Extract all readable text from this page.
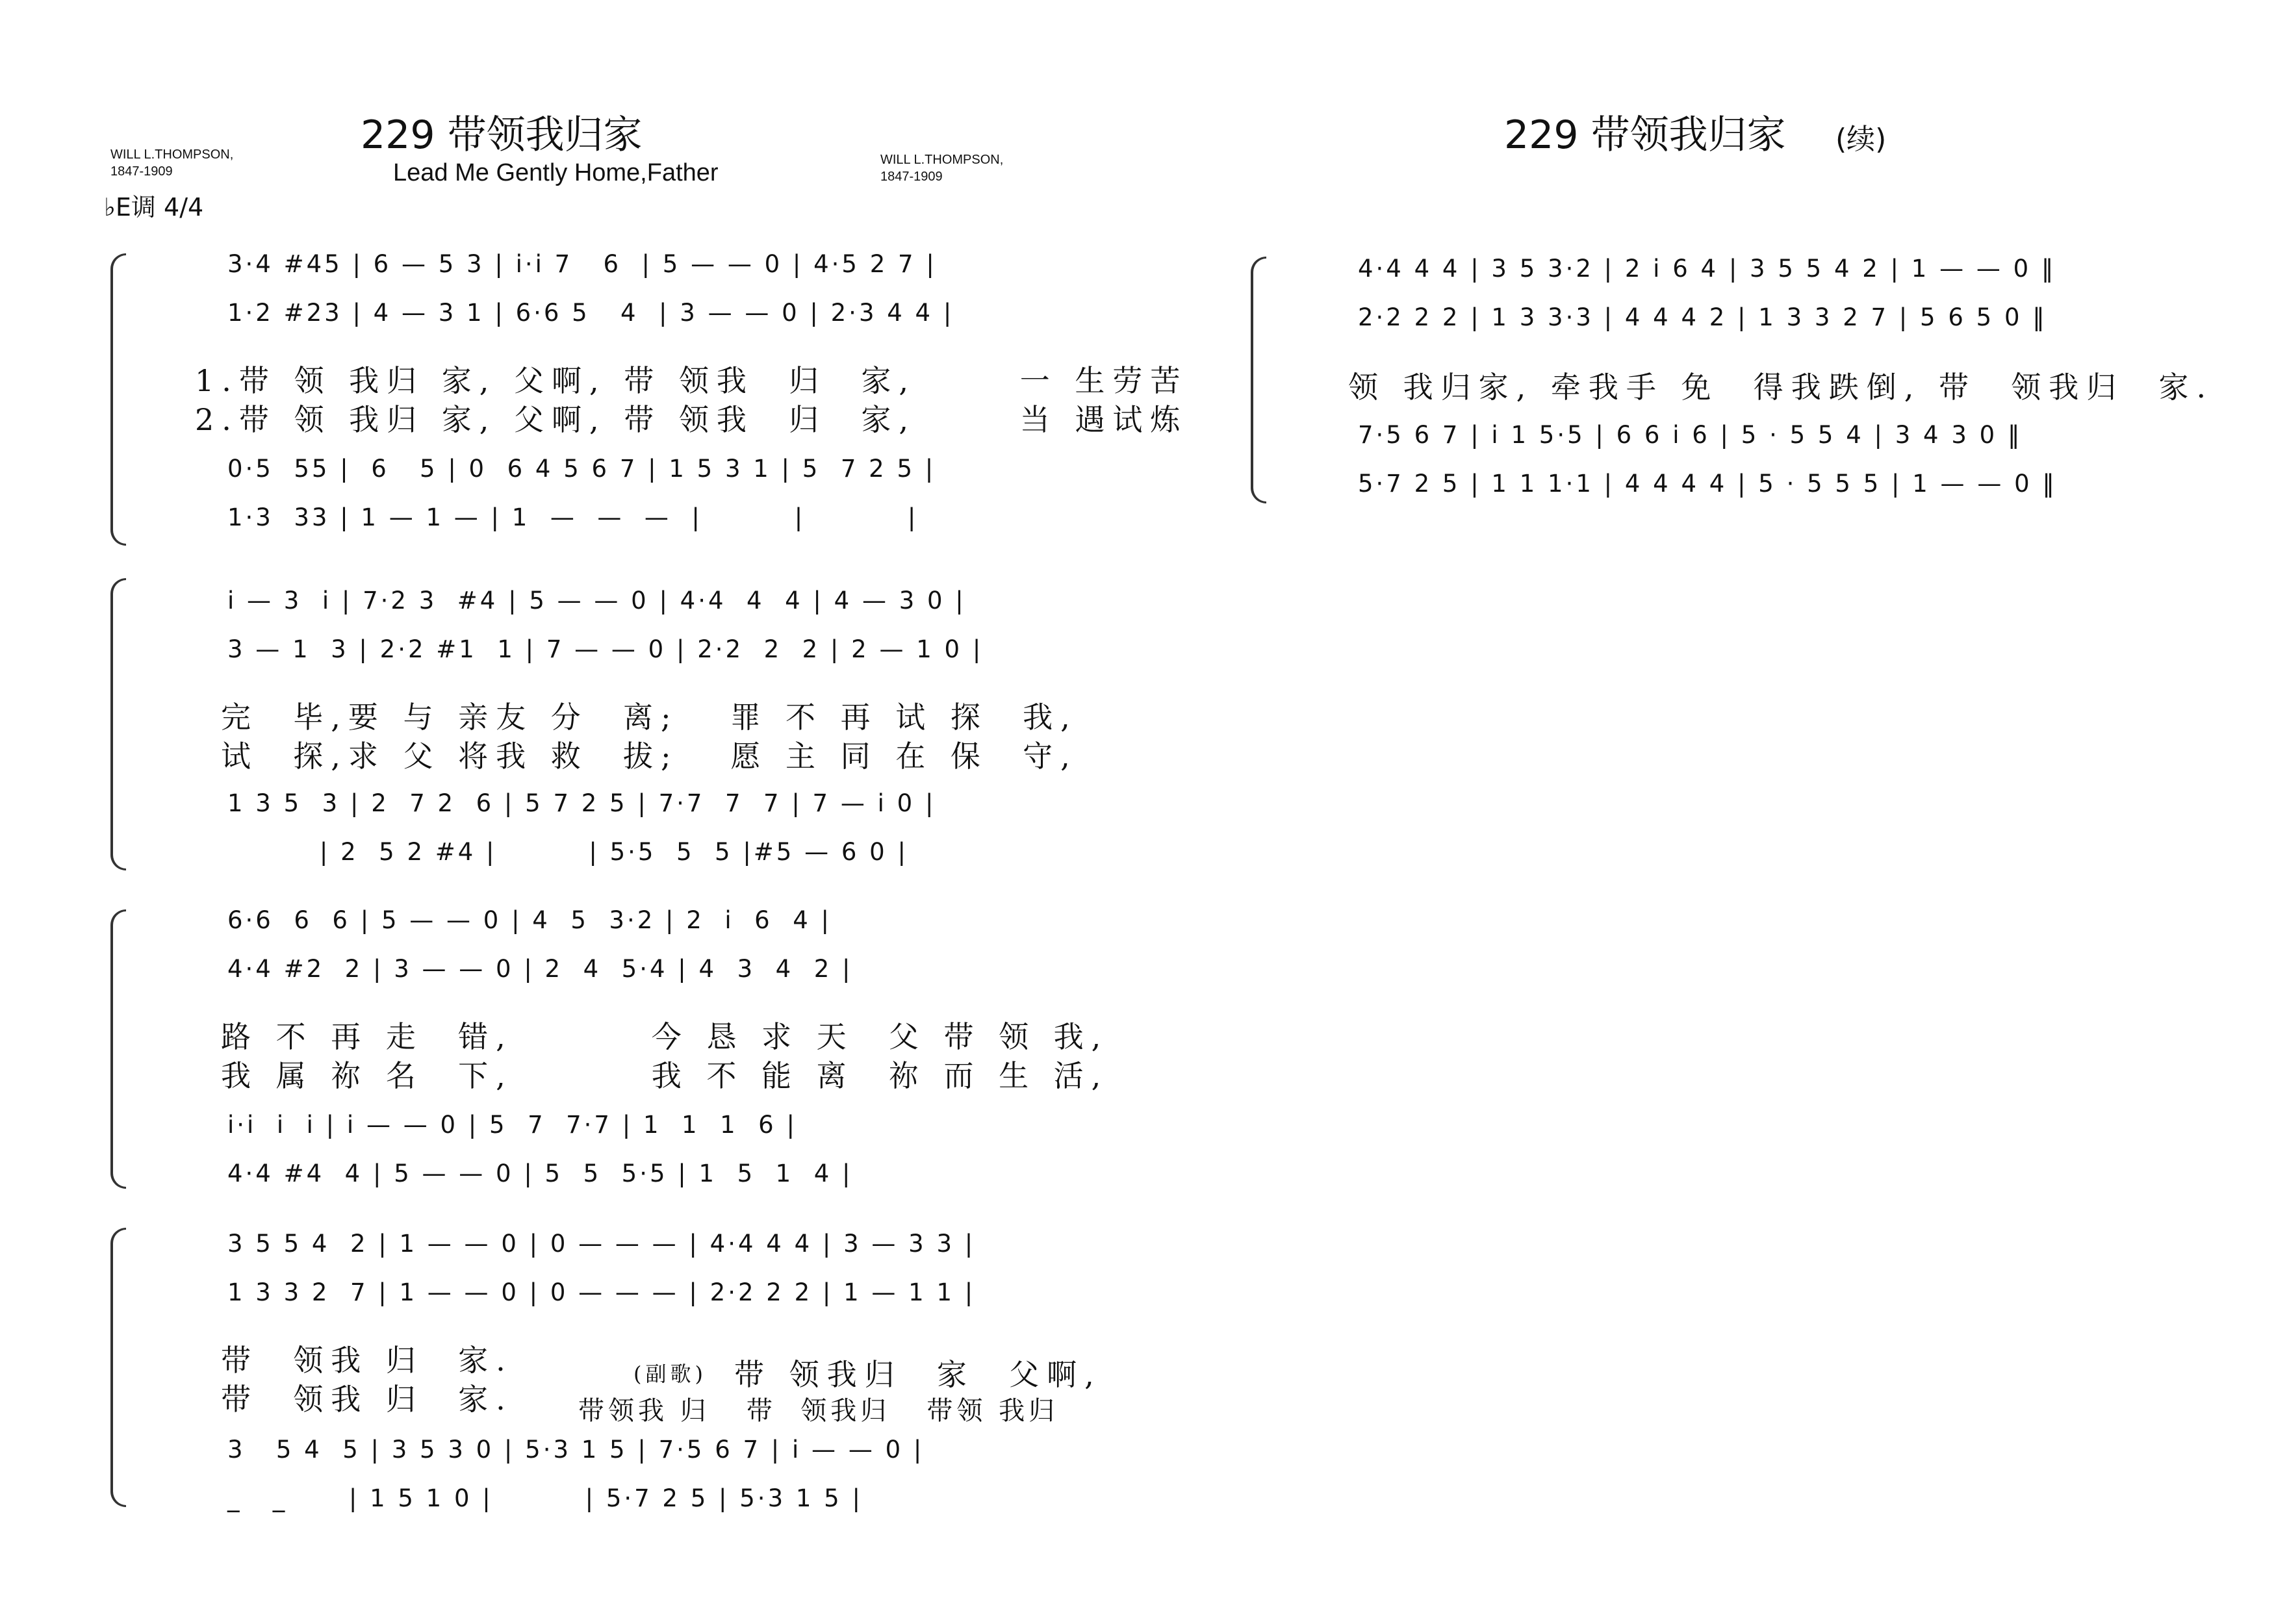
WILL L.THOMPSON,
1847-1909
229 带领我归家
Lead Me Gently Home,Father	WILL L.THOMPSON,
1847-1909
♭E调 4/4
3·4 #45 | 6 — 5 3 | i·i 7   6  | 5 — — 0 | 4·5 2 7 |
1·2 #23 | 4 — 3 1 | 6·6 5   4  | 3 — — 0 | 2·3 4 4 |
1.带 领 我归 家, 父啊, 带 领我  归  家,      一 生劳苦
2.带 领 我归 家, 父啊, 带 领我  归  家,      当 遇试炼
0·5  55 |  6   5 | 0  6 4 5 6 7 | 1 5 3 1 | 5  7 2 5 |
1·3  33 | 1 — 1 — | 1  —  —  —  |         |          |
i — 3  i | 7·2 3  #4 | 5 — — 0 | 4·4  4  4 | 4 — 3 0 |
3 — 1  3 | 2·2 #1  1 | 7 — — 0 | 2·2  2  2 | 2 — 1 0 |
完  毕,要 与 亲友 分  离;   罪 不 再 试 探  我,
试  探,求 父 将我 救  拔;   愿 主 同 在 保  守,
1 3 5  3 | 2  7 2  6 | 5 7 2 5 | 7·7  7  7 | 7 — i 0 |
| 2  5 2 #4 |         | 5·5  5  5 |#5 — 6 0 |
6·6  6  6 | 5 — — 0 | 4  5  3·2 | 2  i  6  4 |
4·4 #2  2 | 3 — — 0 | 2  4  5·4 | 4  3  4  2 |
路 不 再 走  错,        今 恳 求 天  父 带 领 我,
我 属 祢 名  下,        我 不 能 离  祢 而 生 活,
i·i  i  i | i — — 0 | 5  7  7·7 | 1  1  1  6 |
4·4 #4  4 | 5 — — 0 | 5  5  5·5 | 1  5  1  4 |
3 5 5 4  2 | 1 — — 0 | 0 — — — | 4·4 4 4 | 3 — 3 3 |
1 3 3 2  7 | 1 — — 0 | 0 — — — | 2·2 2 2 | 1 — 1 1 |
带  领我 归  家.
带  领我 归  家.
(副歌) 带 领我归  家  父啊,
带领我 归   带  领我归   带领 我归
3   5 4  5 | 3 5 3 0 | 5·3 1 5 | 7·5 6 7 | i — — 0 |
_   _      | 1 5 1 0 |         | 5·7 2 5 | 5·3 1 5 |
229 带领我归家 (续)
4·4 4 4 | 3 5 3·2 | 2 i 6 4 | 3 5 5 4 2 | 1 — — 0 ‖
2·2 2 2 | 1 3 3·3 | 4 4 4 2 | 1 3 3 2 7 | 5 6 5 0 ‖
领 我归家, 牵我手 免  得我跌倒, 带  领我归  家.
7·5 6 7 | i 1 5·5 | 6 6 i 6 | 5 · 5 5 4 | 3 4 3 0 ‖
5·7 2 5 | 1 1 1·1 | 4 4 4 4 | 5 · 5 5 5 | 1 — — 0 ‖
